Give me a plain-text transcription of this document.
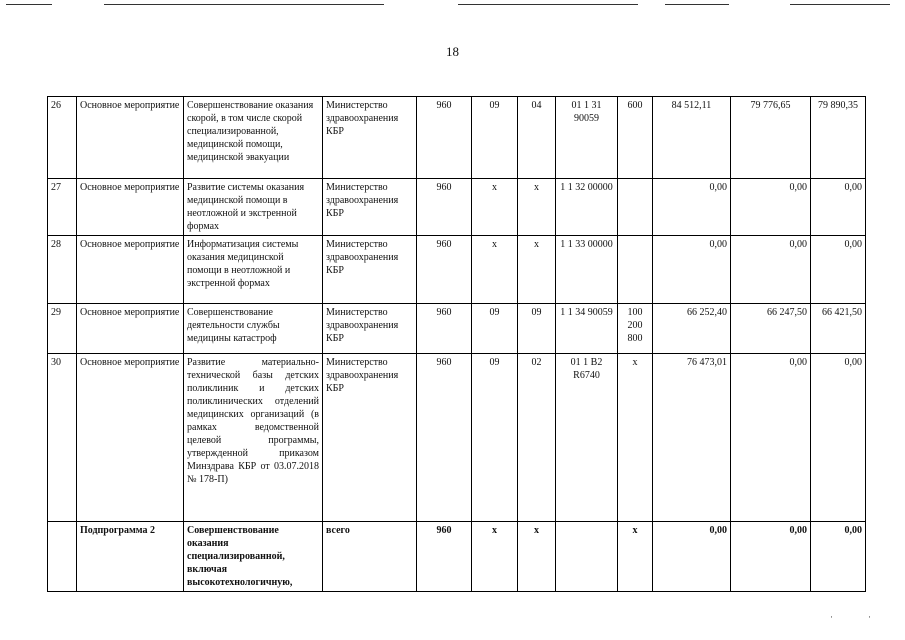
18
26	Основное мероприятие	Совершенствование оказания скорой, в том числе скорой специализированной, медицинской помощи, медицинской эвакуации	Министерство здравоохранения КБР	960	09	04	01 1 31 90059	600	84 512,11	79 776,65	79 890,35
27	Основное мероприятие	Развитие системы оказания медицинской помощи в неотложной и экстренной формах	Министерство здравоохранения КБР	960	х	х	1 1 32 00000		0,00	0,00	0,00
28	Основное мероприятие	Информатизация системы оказания медицинской помощи в неотложной и экстренной формах	Министерство здравоохранения КБР	960	х	х	1 1 33 00000		0,00	0,00	0,00
29	Основное мероприятие	Совершенствование деятельности службы медицины катастроф	Министерство здравоохранения КБР	960	09	09	1 1 34 90059	100 200 800	66 252,40	66 247,50	66 421,50
30	Основное мероприятие	Развитие материально-технической базы детских поликлиник и детских поликлинических отделений медицинских организаций (в рамках ведомственной целевой программы, утвержденной приказом Минздрава КБР от 03.07.2018 № 178-П)	Министерство здравоохранения КБР	960	09	02	01 1 В2 R6740	х	76 473,01	0,00	0,00
	Подпрограмма 2	Совершенствование оказания специализированной, включая высокотехнологичную,	всего	960	х	х		х	0,00	0,00	0,00
·	·
